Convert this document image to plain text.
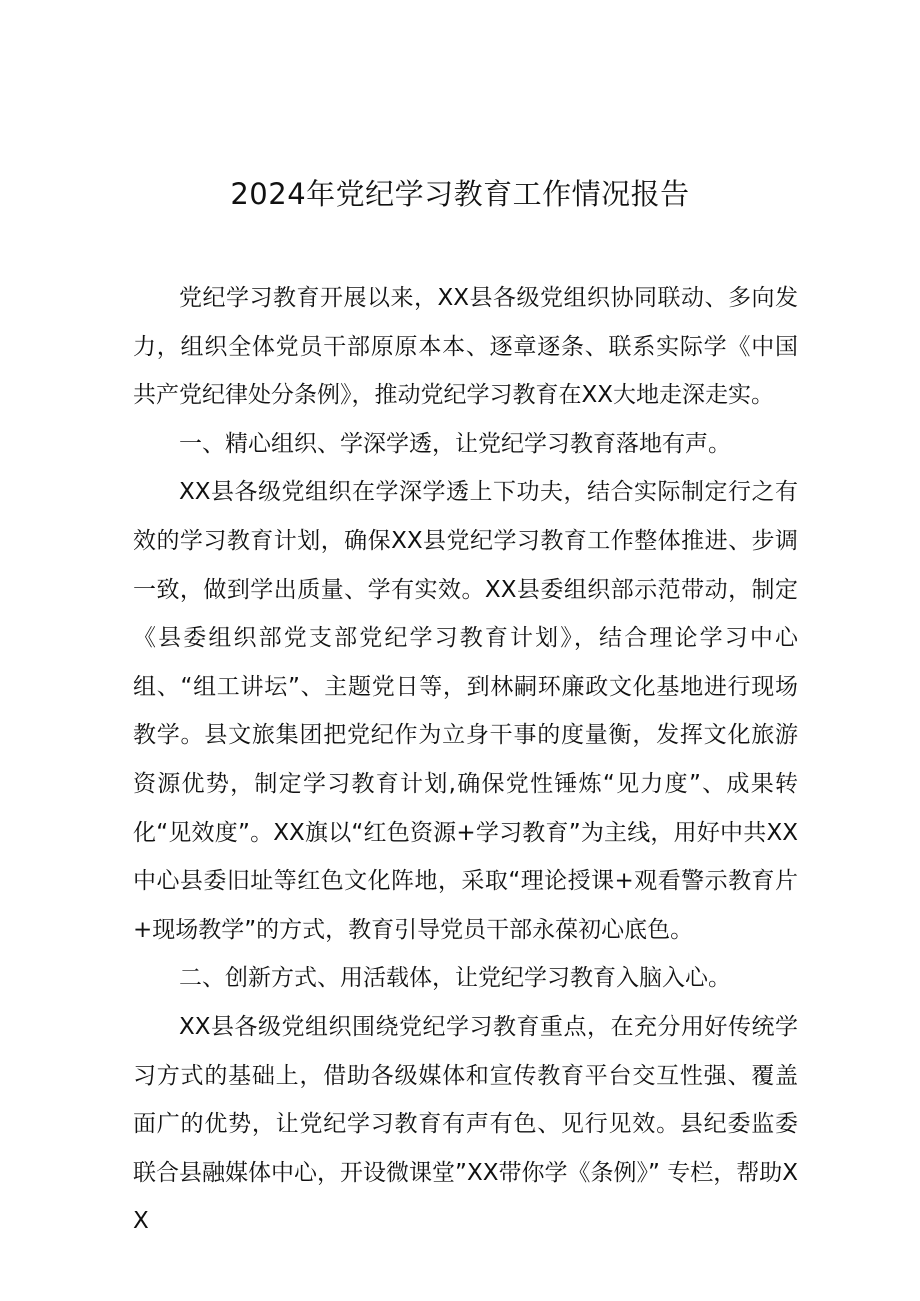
2024年党纪学习教育工作情况报告

党纪学习教育开展以来，XX县各级党组织协同联动、多向发力，组织全体党员干部原原本本、逐章逐条、联系实际学《中国共产党纪律处分条例》，推动党纪学习教育在XX大地走深走实。

一、精心组织、学深学透，让党纪学习教育落地有声。

XX县各级党组织在学深学透上下功夫，结合实际制定行之有效的学习教育计划，确保XX县党纪学习教育工作整体推进、步调一致，做到学出质量、学有实效。XX县委组织部示范带动，制定《县委组织部党支部党纪学习教育计划》，结合理论学习中心组、“组工讲坛”、主题党日等，到林嗣环廉政文化基地进行现场教学。县文旅集团把党纪作为立身干事的度量衡，发挥文化旅游资源优势，制定学习教育计划,确保党性锤炼“见力度”、成果转化“见效度”。XX旗以“红色资源+学习教育”为主线，用好中共XX中心县委旧址等红色文化阵地，采取“理论授课+观看警示教育片+现场教学”的方式，教育引导党员干部永葆初心底色。

二、创新方式、用活载体，让党纪学习教育入脑入心。

XX县各级党组织围绕党纪学习教育重点，在充分用好传统学习方式的基础上，借助各级媒体和宣传教育平台交互性强、覆盖面广的优势，让党纪学习教育有声有色、见行见效。县纪委监委联合县融媒体中心，开设微课堂”XX带你学《条例》” 专栏，帮助XX
